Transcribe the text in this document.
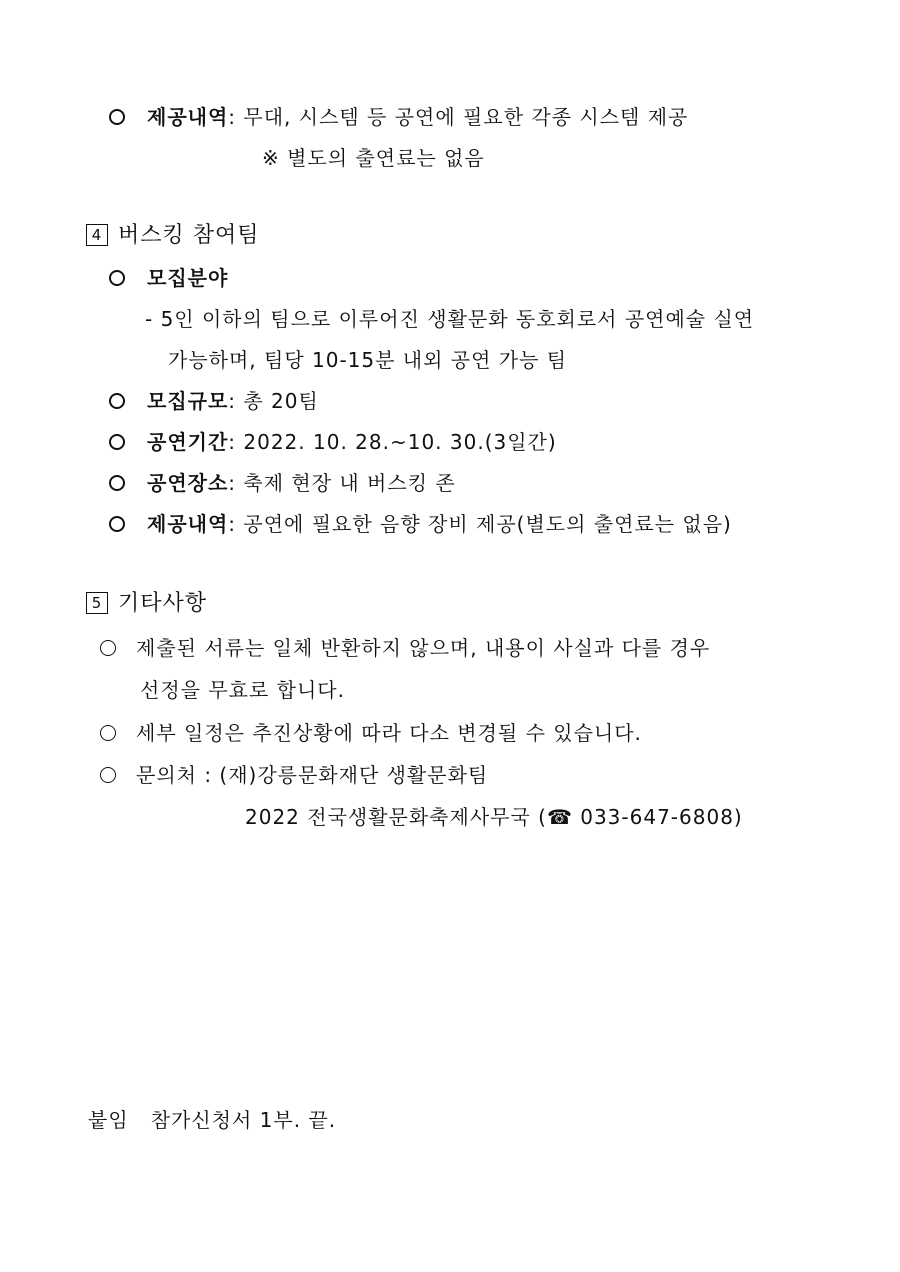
제공내역: 무대, 시스템 등 공연에 필요한 각종 시스템 제공
※ 별도의 출연료는 없음
4 버스킹 참여팀
모집분야
- 5인 이하의 팀으로 이루어진 생활문화 동호회로서 공연예술 실연
가능하며, 팀당 10-15분 내외 공연 가능 팀
모집규모: 총 20팀
공연기간: 2022. 10. 28.~10. 30.(3일간)
공연장소: 축제 현장 내 버스킹 존
제공내역: 공연에 필요한 음향 장비 제공(별도의 출연료는 없음)
5 기타사항
제출된 서류는 일체 반환하지 않으며, 내용이 사실과 다를 경우
선정을 무효로 합니다.
세부 일정은 추진상황에 따라 다소 변경될 수 있습니다.
문의처 : (재)강릉문화재단 생활문화팀
2022 전국생활문화축제사무국 (☎ 033-647-6808)
붙임 참가신청서 1부. 끝.
